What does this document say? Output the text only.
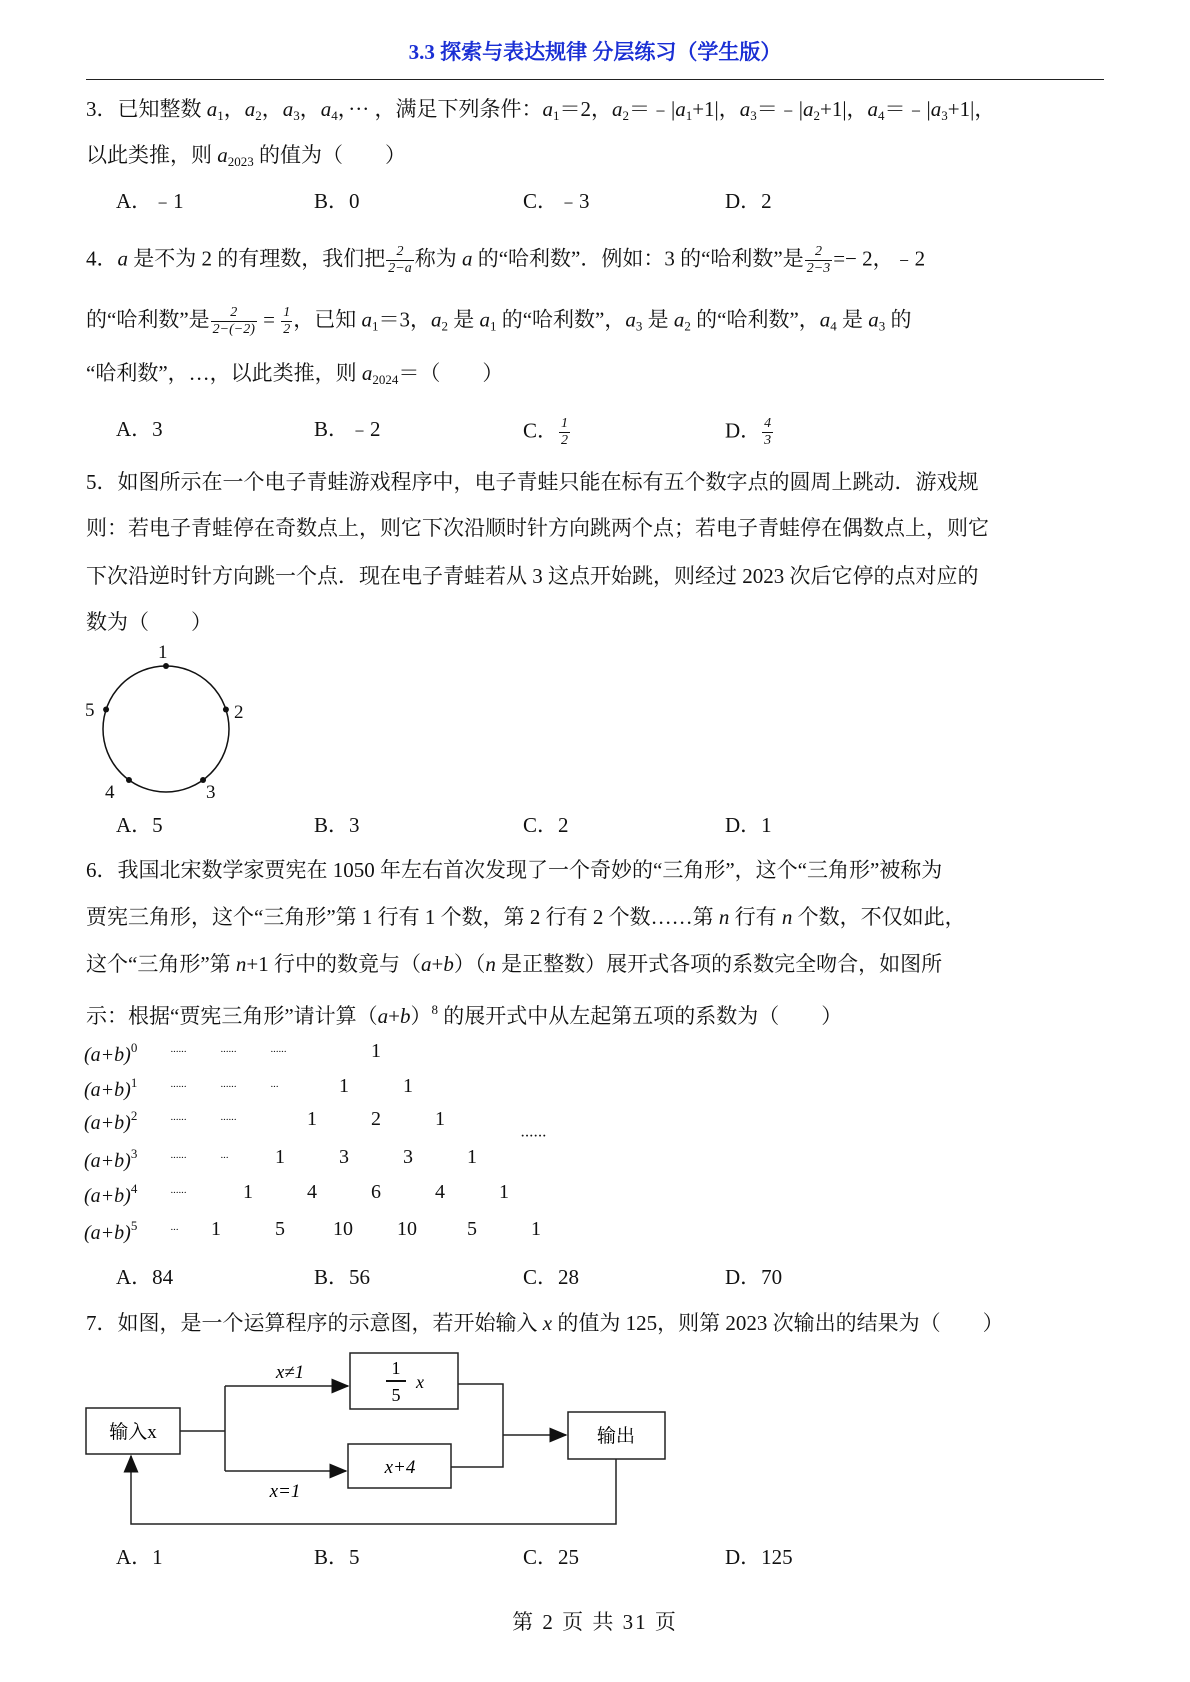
3.3 探索与表达规律 分层练习（学生版）
3．已知整数 $a_1$，$a_2$，$a_3$，$a_4$，··· ，满足下列条件：$a_1=2$，$a_2=﹣|a_1+1|$，$a_3=﹣|a_2+1|$，$a_4=﹣|a_3+1|$，
以此类推，则 $a_{2023}$ 的值为（　　）
A．﹣1	B．0	C．﹣3	D．2
4．a 是不为 2 的有理数，我们把 $\frac{2}{2-a}$ 称为 a 的“哈利数”．例如：3 的“哈利数”是 $\frac{2}{2-3} =- 2$，﹣2
的“哈利数”是 $\frac{2}{2-(-2)} = \frac{1}{2}$ ，已知 $a_1=3$，$a_2$ 是 $a_1$ 的“哈利数”，$a_3$ 是 $a_2$ 的“哈利数”，$a_4$ 是 $a_3$ 的
“哈利数”，…，以此类推，则 $a_{2024}=$（　　）
A．3	B．﹣2	C． $\frac{1}{2}$	D． $\frac{4}{3}$
5．如图所示在一个电子青蛙游戏程序中，电子青蛙只能在标有五个数字点的圆周上跳动．游戏规
则：若电子青蛙停在奇数点上，则它下次沿顺时针方向跳两个点；若电子青蛙停在偶数点上，则它
下次沿逆时针方向跳一个点．现在电子青蛙若从 3 这点开始跳，则经过 2023 次后它停的点对应的
数为（　　）
A．5	B．3	C．2	D．1
6．我国北宋数学家贾宪在 1050 年左右首次发现了一个奇妙的“三角形”，这个“三角形”被称为
贾宪三角形，这个“三角形”第 1 行有 1 个数，第 2 行有 2 个数……第 n 行有 n 个数，不仅如此，
这个“三角形”第 n+1 行中的数竟与（a+b）（n 是正整数）展开式各项的系数完全吻合，如图所
示：根据“贾宪三角形”请计算$(a+b)^8$ 的展开式中从左起第五项的系数为（　　）
A．84	B．56	C．28	D．70
7．如图，是一个运算程序的示意图，若开始输入 x 的值为 125，则第 2023 次输出的结果为（　　）
A．1	B．5	C．25	D．125
1
2
3
4
5
$(a+b)^0$	······	······	······	1
$(a+b)^1$	······	······	···	1	1
$(a+b)^2$	······	······	1	2	1
$(a+b)^3$	······	··· 1	3	3	1
$(a+b)^4$	······	1	4	6	4	1
$(a+b)^5$	··· 1	5 10 10	5	1
······
输入x
x≠1
x=1
1
5
x
x+4
输出
第 2 页 共 31 页
